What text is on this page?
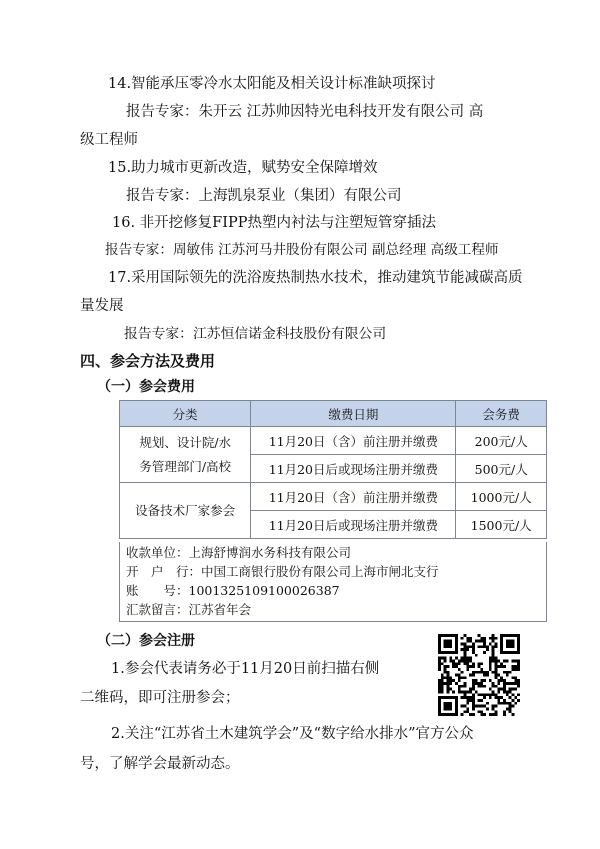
14.智能承压零冷水太阳能及相关设计标准缺项探讨
报告专家：朱开云 江苏帅因特光电科技开发有限公司 高
级工程师
15.助力城市更新改造，赋势安全保障增效
报告专家：上海凯泉泵业（集团）有限公司
16. 非开挖修复FIPP热塑内衬法与注塑短管穿插法
报告专家：周敏伟 江苏河马井股份有限公司 副总经理 高级工程师
17.采用国际领先的洗浴废热制热水技术，推动建筑节能减碳高质
量发展
报告专家：江苏恒信诺金科技股份有限公司
四、参会方法及费用
（一）参会费用
分类	缴费日期	会务费

规划、设计院/水
务管理部门/高校	11月20日（含）前注册并缴费	200元/人
	11月20日后或现场注册并缴费	500元/人
设备技术厂家参会	11月20日（含）前注册并缴费	1000元/人
	11月20日后或现场注册并缴费	1500元/人
收款单位：上海舒博润水务科技有限公司
开　户　行：中国工商银行股份有限公司上海市闸北支行
账　　号：1001325109100026387
汇款留言：江苏省年会
（二）参会注册
1.参会代表请务必于11月20日前扫描右侧
二维码，即可注册参会；
2.关注“江苏省土木建筑学会”及“数字给水排水”官方公众
号，了解学会最新动态。
